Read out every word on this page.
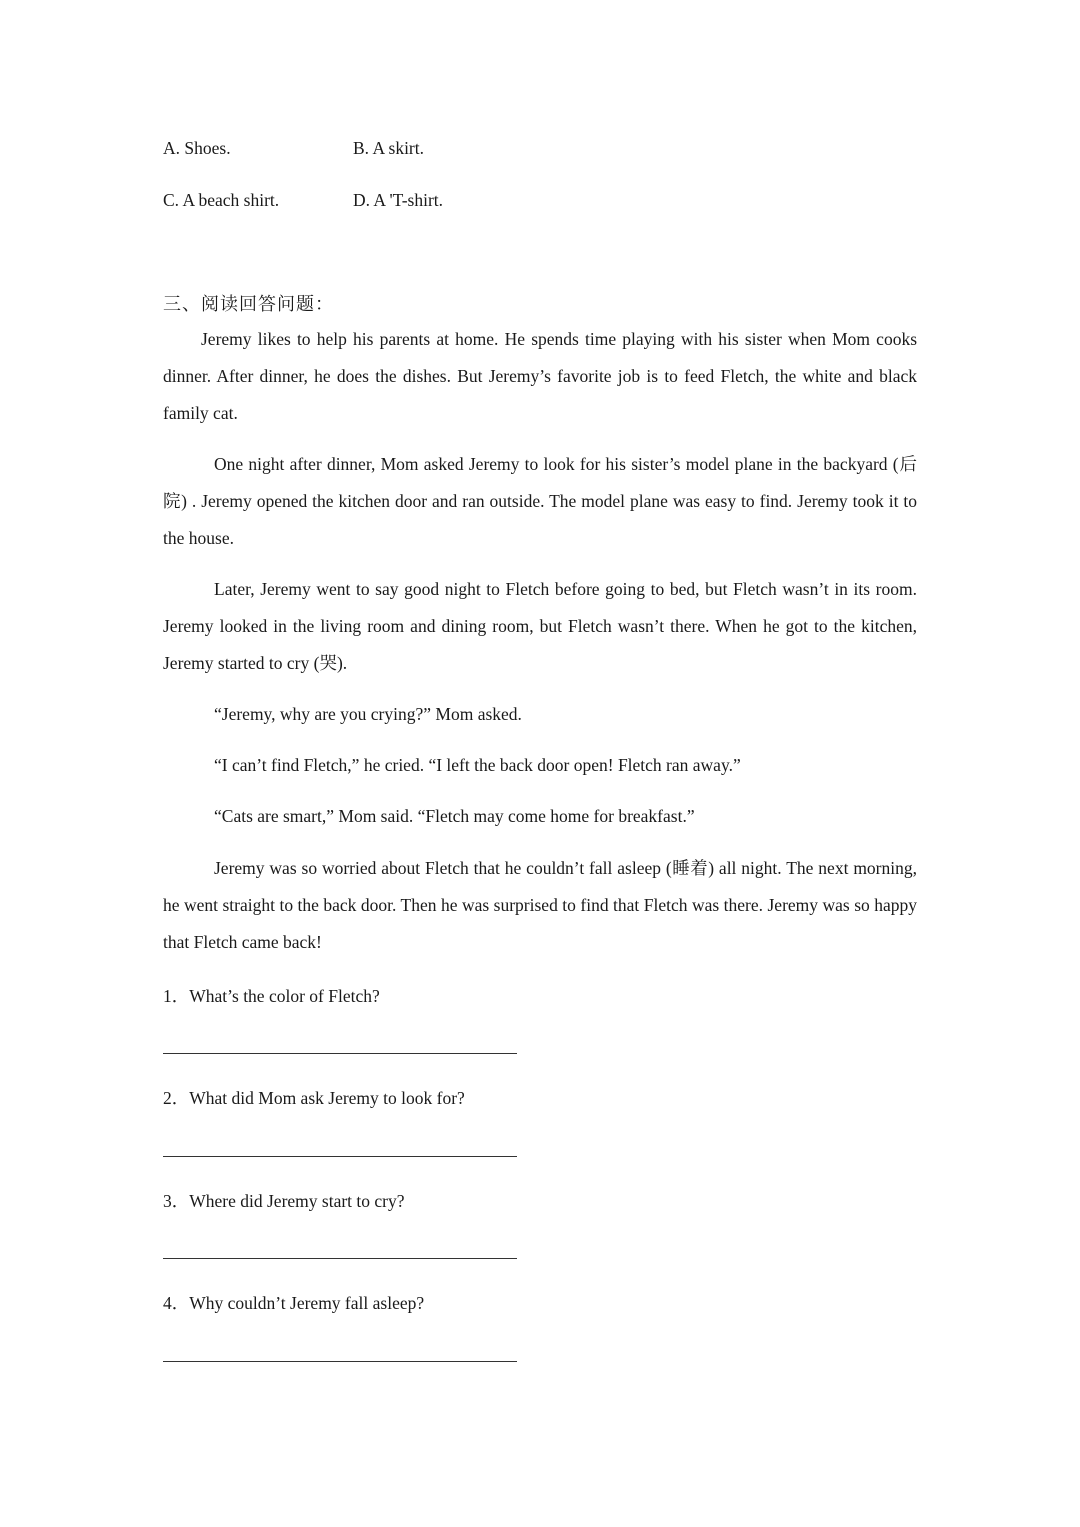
A. Shoes.	B. A skirt.
C. A beach shirt.	D. A 'T-shirt.
三、阅读回答问题：
Jeremy likes to help his parents at home. He spends time playing with his sister when Mom cooks dinner. After dinner, he does the dishes. But Jeremy’s favorite job is to feed Fletch, the white and black family cat.
One night after dinner, Mom asked Jeremy to look for his sister’s model plane in the backyard (后院) . Jeremy opened the kitchen door and ran outside. The model plane was easy to find. Jeremy took it to the house.
Later, Jeremy went to say good night to Fletch before going to bed, but Fletch wasn’t in its room. Jeremy looked in the living room and dining room, but Fletch wasn’t there. When he got to the kitchen, Jeremy started to cry (哭).
“Jeremy, why are you crying?” Mom asked.
“I can’t find Fletch,” he cried. “I left the back door open! Fletch ran away.”
“Cats are smart,” Mom said. “Fletch may come home for breakfast.”
Jeremy was so worried about Fletch that he couldn’t fall asleep (睡着) all night. The next morning, he went straight to the back door. Then he was surprised to find that Fletch was there. Jeremy was so happy that Fletch came back!
1．What’s the color of Fletch?
2．What did Mom ask Jeremy to look for?
3．Where did Jeremy start to cry?
4．Why couldn’t Jeremy fall asleep?
